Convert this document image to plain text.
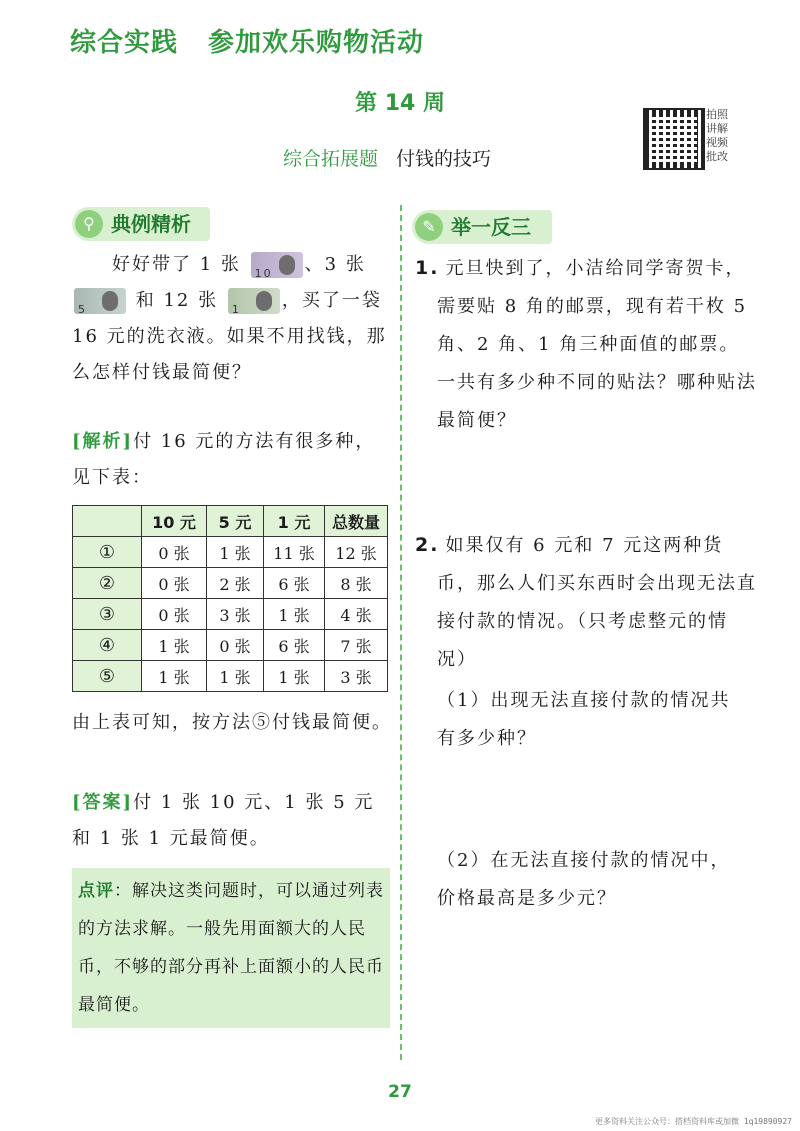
综合实践 参加欢乐购物活动
第 14 周
综合拓展题 付钱的技巧
拍照讲解视频批改
⚲ 典例精析
好好带了 1 张 10 、3 张
5	和 12 张 1 ，买了一袋 16 元的洗衣液。如果不用找钱，那么怎样付钱最简便？
[解析]付 16 元的方法有很多种，见下表：
	10 元	5 元	1 元	总数量
①	0 张	1 张	11 张	12 张
②	0 张	2 张	6 张	8 张
③	0 张	3 张	1 张	4 张
④	1 张	0 张	6 张	7 张
⑤	1 张	1 张	1 张	3 张
由上表可知，按方法⑤付钱最简便。
[答案]付 1 张 10 元、1 张 5 元和 1 张 1 元最简便。
点评：解决这类问题时，可以通过列表的方法求解。一般先用面额大的人民币，不够的部分再补上面额小的人民币最简便。
✎ 举一反三
1. 元旦快到了，小洁给同学寄贺卡，需要贴 8 角的邮票，现有若干枚 5 角、2 角、1 角三种面值的邮票。一共有多少种不同的贴法？哪种贴法最简便？
2. 如果仅有 6 元和 7 元这两种货币，那么人们买东西时会出现无法直接付款的情况。（只考虑整元的情况）
（1）出现无法直接付款的情况共有多少种？
（2）在无法直接付款的情况中，价格最高是多少元？
27
更多资料关注公众号：搭档资料库或加微 1q19890927
